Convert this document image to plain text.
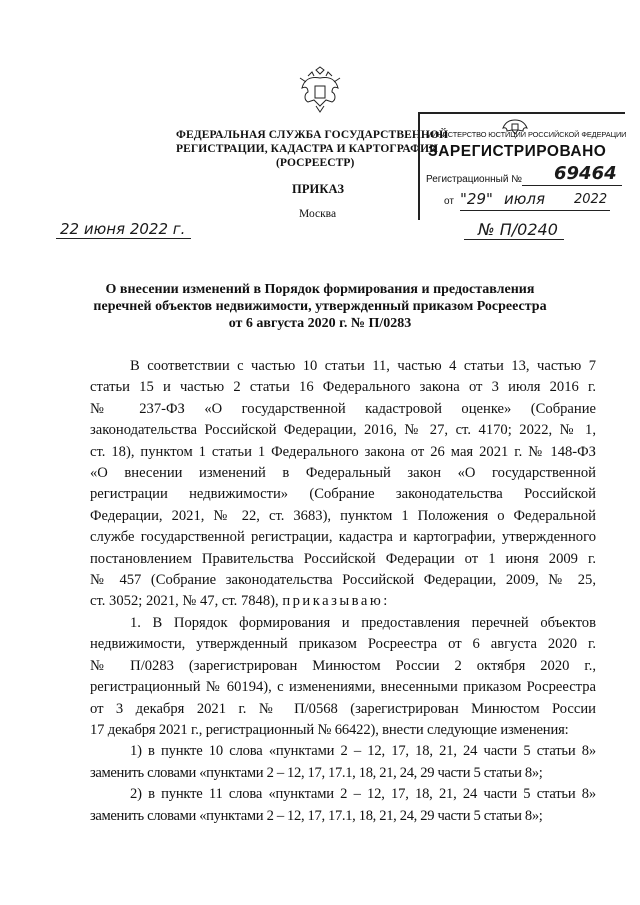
ФЕДЕРАЛЬНАЯ СЛУЖБА ГОСУДАРСТВЕННОЙ
РЕГИСТРАЦИИ, КАДАСТРА И КАРТОГРАФИИ
(РОСРЕЕСТР)
ПРИКАЗ
Москва
22 июня 2022 г.	№ П/0240
МИНИСТЕРСТВО ЮСТИЦИИ РОССИЙСКОЙ ФЕДЕРАЦИИ
ЗАРЕГИСТРИРОВАНО
Регистрационный № 69464
от "29" июля 2022
О внесении изменений в Порядок формирования и предоставления
перечней объектов недвижимости, утвержденный приказом Росреестра
от 6 августа 2020 г. № П/0283

В соответствии с частью 10 статьи 11, частью 4 статьи 13, частью 7

статьи 15 и частью 2 статьи 16 Федерального закона от 3 июля 2016 г.

№ 237-ФЗ «О государственной кадастровой оценке» (Собрание

законодательства Российской Федерации, 2016, № 27, ст. 4170; 2022, № 1,

ст. 18), пунктом 1 статьи 1 Федерального закона от 26 мая 2021 г. № 148-ФЗ

«О внесении изменений в Федеральный закон «О государственной

регистрации недвижимости» (Собрание законодательства Российской

Федерации, 2021, № 22, ст. 3683), пунктом 1 Положения о Федеральной

службе государственной регистрации, кадастра и картографии, утвержденного

постановлением Правительства Российской Федерации от 1 июня 2009 г.

№ 457 (Собрание законодательства Российской Федерации, 2009, № 25,

ст. 3052; 2021, № 47, ст. 7848), приказываю:

1. В Порядок формирования и предоставления перечней объектов

недвижимости, утвержденный приказом Росреестра от 6 августа 2020 г.

№ П/0283 (зарегистрирован Минюстом России 2 октября 2020 г.,

регистрационный № 60194), с изменениями, внесенными приказом Росреестра

от 3 декабря 2021 г. № П/0568 (зарегистрирован Минюстом России

17 декабря 2021 г., регистрационный № 66422), внести следующие изменения:

1) в пункте 10 слова «пунктами 2 – 12, 17, 18, 21, 24 части 5 статьи 8»

заменить словами «пунктами 2 – 12, 17, 17.1, 18, 21, 24, 29 части 5 статьи 8»;

2) в пункте 11 слова «пунктами 2 – 12, 17, 18, 21, 24 части 5 статьи 8»

заменить словами «пунктами 2 – 12, 17, 17.1, 18, 21, 24, 29 части 5 статьи 8»;
